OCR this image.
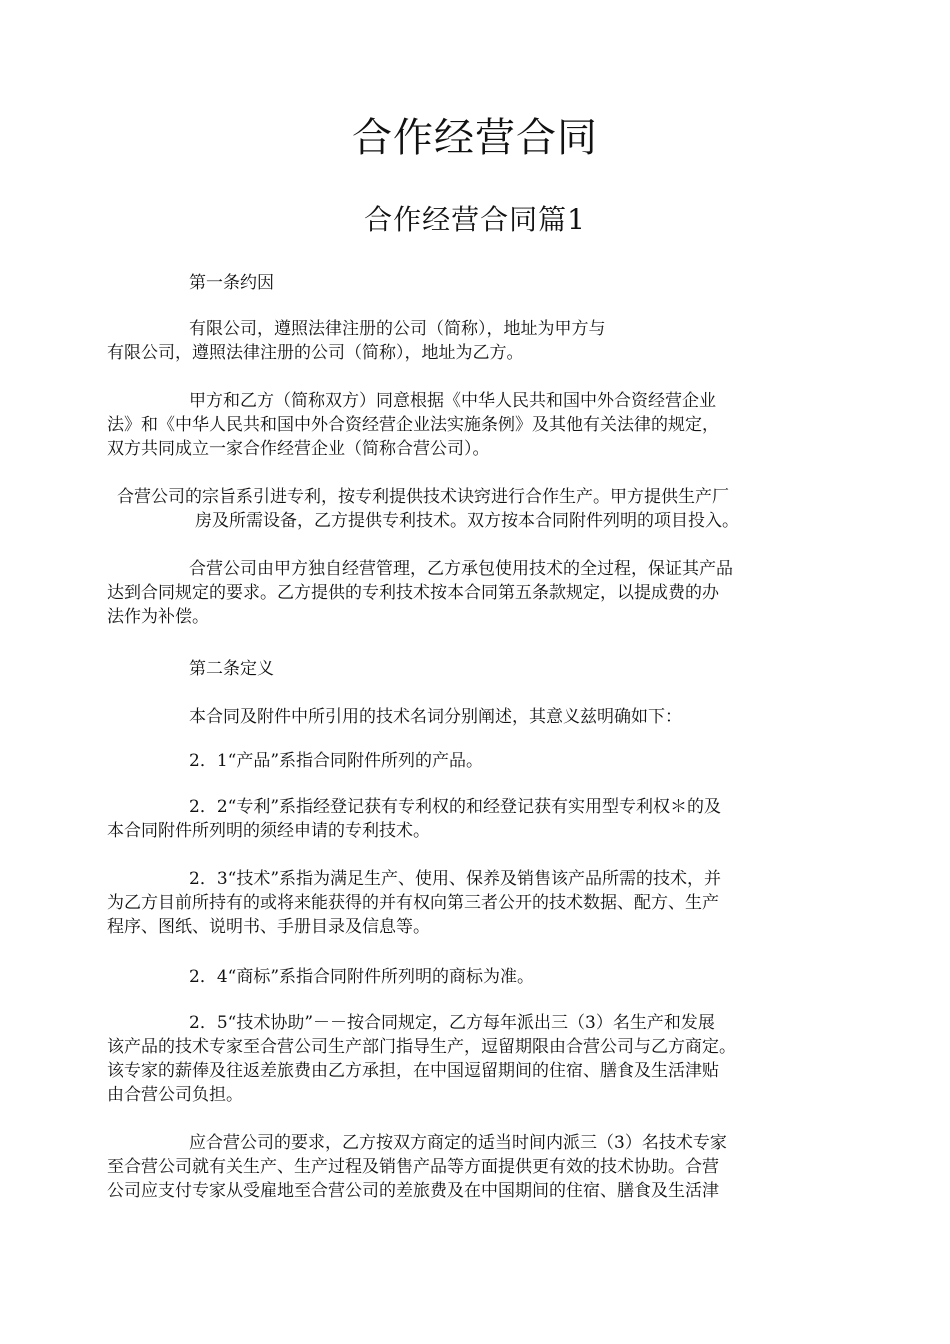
合作经营合同
合作经营合同篇1
第一条约因
有限公司，遵照法律注册的公司（简称），地址为甲方与
有限公司，遵照法律注册的公司（简称），地址为乙方。
甲方和乙方（简称双方）同意根据《中华人民共和国中外合资经营企业
法》和《中华人民共和国中外合资经营企业法实施条例》及其他有关法律的规定，
双方共同成立一家合作经营企业（简称合营公司）。
合营公司的宗旨系引进专利，按专利提供技术诀窍进行合作生产。甲方提供生产厂
房及所需设备，乙方提供专利技术。双方按本合同附件列明的项目投入。
合营公司由甲方独自经营管理，乙方承包使用技术的全过程，保证其产品
达到合同规定的要求。乙方提供的专利技术按本合同第五条款规定，以提成费的办
法作为补偿。
第二条定义
本合同及附件中所引用的技术名词分别阐述，其意义兹明确如下：
2．1“产品”系指合同附件所列的产品。
2．2“专利”系指经登记获有专利权的和经登记获有实用型专利权＊的及
本合同附件所列明的须经申请的专利技术。
2．3“技术”系指为满足生产、使用、保养及销售该产品所需的技术，并
为乙方目前所持有的或将来能获得的并有权向第三者公开的技术数据、配方、生产
程序、图纸、说明书、手册目录及信息等。
2．4“商标”系指合同附件所列明的商标为准。
2．5“技术协助”－－按合同规定，乙方每年派出三（3）名生产和发展
该产品的技术专家至合营公司生产部门指导生产，逗留期限由合营公司与乙方商定。
该专家的薪俸及往返差旅费由乙方承担，在中国逗留期间的住宿、膳食及生活津贴
由合营公司负担。
应合营公司的要求，乙方按双方商定的适当时间内派三（3）名技术专家
至合营公司就有关生产、生产过程及销售产品等方面提供更有效的技术协助。合营
公司应支付专家从受雇地至合营公司的差旅费及在中国期间的住宿、膳食及生活津
